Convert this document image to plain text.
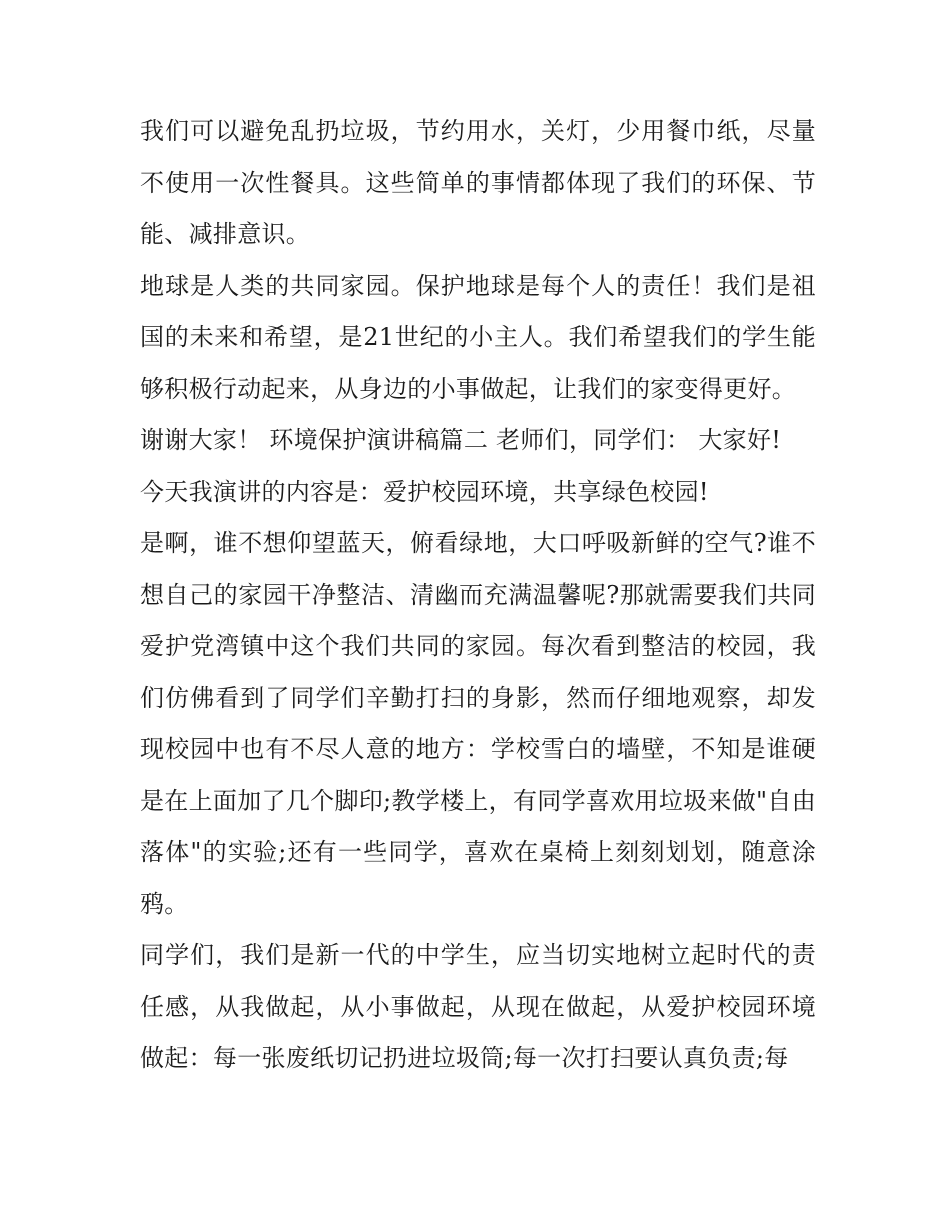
我们可以避免乱扔垃圾，节约用水，关灯，少用餐巾纸，尽量不使用一次性餐具。这些简单的事情都体现了我们的环保、节能、减排意识。

地球是人类的共同家园。保护地球是每个人的责任！我们是祖国的未来和希望，是21世纪的小主人。我们希望我们的学生能够积极行动起来，从身边的小事做起，让我们的家变得更好。

谢谢大家！ 环境保护演讲稿篇二 老师们，同学们： 大家好!

今天我演讲的内容是：爱护校园环境，共享绿色校园!

是啊，谁不想仰望蓝天，俯看绿地，大口呼吸新鲜的空气?谁不想自己的家园干净整洁、清幽而充满温馨呢?那就需要我们共同爱护党湾镇中这个我们共同的家园。每次看到整洁的校园，我们仿佛看到了同学们辛勤打扫的身影，然而仔细地观察，却发现校园中也有不尽人意的地方：学校雪白的墙壁，不知是谁硬是在上面加了几个脚印;教学楼上，有同学喜欢用垃圾来做"自由落体"的实验;还有一些同学，喜欢在桌椅上刻刻划划，随意涂鸦。

同学们，我们是新一代的中学生，应当切实地树立起时代的责任感，从我做起，从小事做起，从现在做起，从爱护校园环境做起：每一张废纸切记扔进垃圾筒;每一次打扫要认真负责;每
